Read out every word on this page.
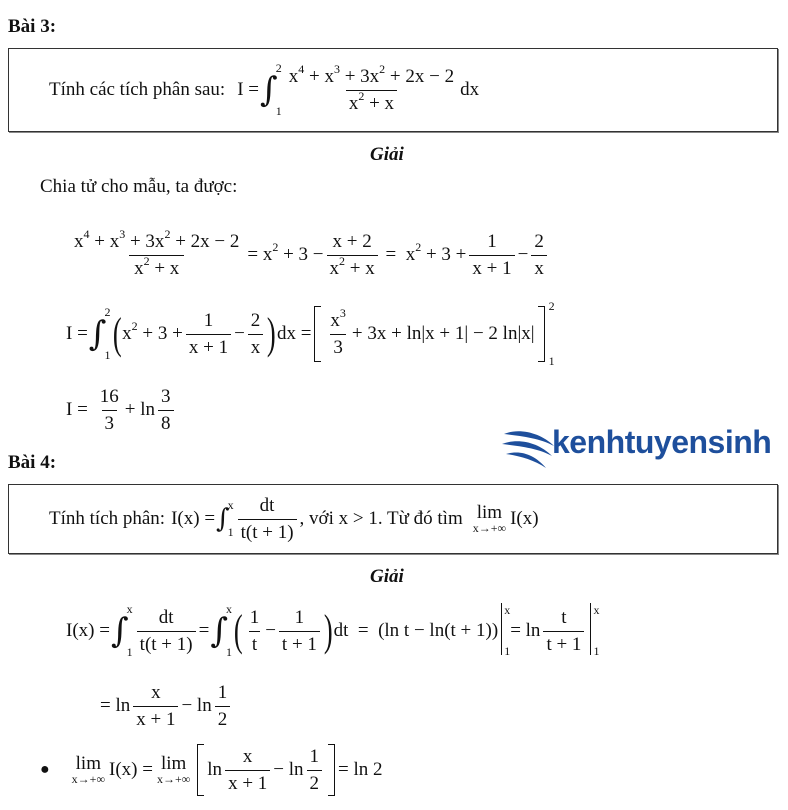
Bài 3:
Tính các tích phân sau: I = ∫
2
$1 \frac{x^4 + x^3 + 3x^2 + 2x - 2}{x^2 + x}$ dx
Giải
Chia tử cho mẫu, ta được:
$\frac{x^4 + x^3 + 3x^2 + 2x - 2}{x^2 + x} = x^2 + 3 - \frac{x + 2}{x^2 + x} = x^2 + 3 + \frac{1}{x + 1} - \frac{2}{x}$
I = ∫
2
1 ( $x^2 + 3 + \frac{1}{x + 1} - \frac{2}{x}$ ) dx = $\frac{x^3}{3} + 3x + \ln|x + 1| - 2$ ln|x|
2
1
$I = \frac{16}{3} + \ln \frac{3}{8}$
kenhtuyensinh
Bài 4:
Tính tích phân: I(x) = ∫
x
$1 \frac{dt}{t(t + 1)}$ , với x > 1. Từ đó tìm lim
x→+∞ I(x)
Giải
I(x) = ∫
x
$1 \frac{dt}{t(t + 1)}$ = ∫
x
1 ( $\frac{1}{t} - \frac{1}{t + 1}$ ) dt  =  (ln t − ln(t + 1))
x
1
= $\ln \frac{t}{t + 1}$ x
1
= $\ln \frac{x}{x + 1} - \ln \frac{1}{2}$
● lim
x→+∞ I(x) = lim
x→+∞ $\ln \frac{x}{x + 1} - \ln \frac{1}{2} = \ln 2$
